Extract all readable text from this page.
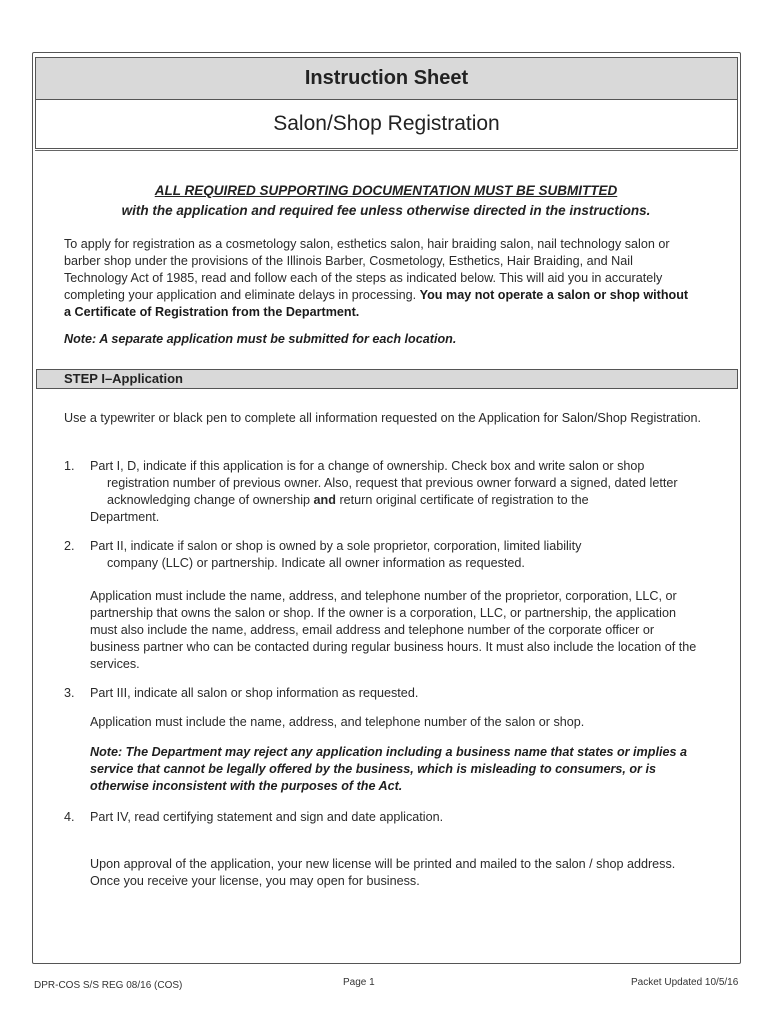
Instruction Sheet
Salon/Shop Registration
ALL REQUIRED SUPPORTING DOCUMENTATION MUST BE SUBMITTED
with the application and required fee unless otherwise directed in the instructions.

To apply for registration as a cosmetology salon, esthetics salon, hair braiding salon, nail technology salon or barber shop under the provisions of the Illinois Barber, Cosmetology, Esthetics, Hair Braiding, and Nail Technology Act of 1985, read and follow each of the steps as indicated below. This will aid you in accurately completing your application and eliminate delays in processing. You may not operate a salon or shop without a Certificate of Registration from the Department.

Note: A separate application must be submitted for each location.

STEP I–Application

Use a typewriter or black pen to complete all information requested on the Application for Salon/Shop Registration.

1. Part I, D, indicate if this application is for a change of ownership. Check box and write salon or shop
registration number of previous owner. Also, request that previous owner forward a signed, dated letter acknowledging change of ownership and return original certificate of registration to the
Department.

2. Part II, indicate if salon or shop is owned by a sole proprietor, corporation, limited liability
company (LLC) or partnership. Indicate all owner information as requested.

Application must include the name, address, and telephone number of the proprietor, corporation, LLC, or partnership that owns the salon or shop. If the owner is a corporation, LLC, or partnership, the application must also include the name, address, email address and telephone number of the corporate officer or business partner who can be contacted during regular business hours. It must also include the location of the services.

3. Part III, indicate all salon or shop information as requested.

Application must include the name, address, and telephone number of the salon or shop.

Note: The Department may reject any application including a business name that states or implies a service that cannot be legally offered by the business, which is misleading to consumers, or is otherwise inconsistent with the purposes of the Act.

4. Part IV, read certifying statement and sign and date application.

Upon approval of the application, your new license will be printed and mailed to the salon / shop address. Once you receive your license, you may open for business.

DPR-COS S/S REG 08/16 (COS)	Page 1	Packet Updated 10/5/16
